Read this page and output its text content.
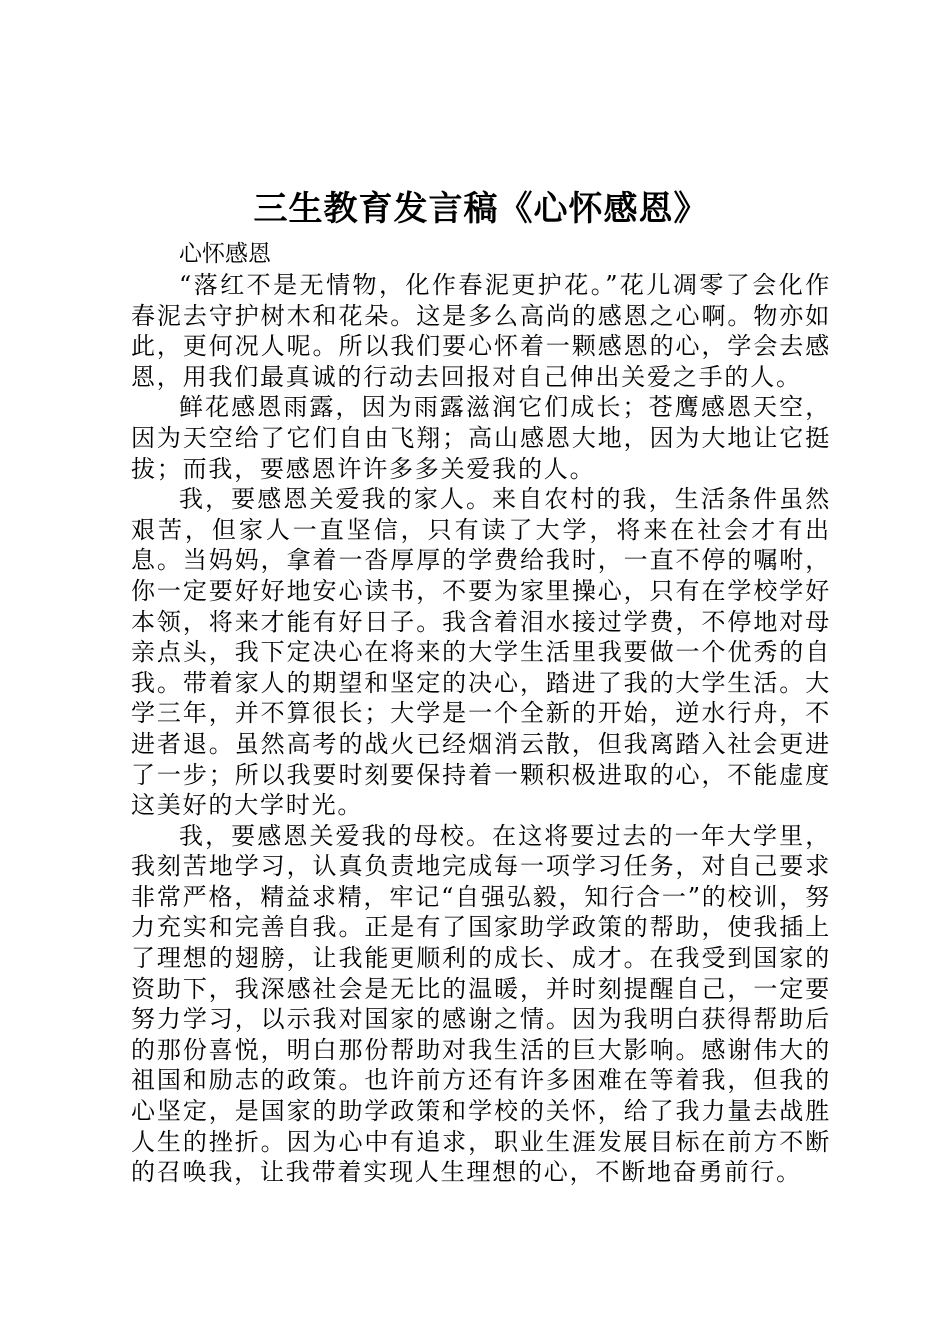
三生教育发言稿《心怀感恩》

心怀感恩

“落红不是无情物，化作春泥更护花。”花儿凋零了会化作春泥去守护树木和花朵。这是多么高尚的感恩之心啊。物亦如此，更何况人呢。所以我们要心怀着一颗感恩的心，学会去感恩，用我们最真诚的行动去回报对自己伸出关爱之手的人。

鲜花感恩雨露，因为雨露滋润它们成长；苍鹰感恩天空，因为天空给了它们自由飞翔；高山感恩大地，因为大地让它挺拔；而我，要感恩许许多多关爱我的人。

我，要感恩关爱我的家人。来自农村的我，生活条件虽然艰苦，但家人一直坚信，只有读了大学，将来在社会才有出息。当妈妈，拿着一沓厚厚的学费给我时，一直不停的嘱咐，你一定要好好地安心读书，不要为家里操心，只有在学校学好本领，将来才能有好日子。我含着泪水接过学费，不停地对母亲点头，我下定决心在将来的大学生活里我要做一个优秀的自我。带着家人的期望和坚定的决心，踏进了我的大学生活。大学三年，并不算很长；大学是一个全新的开始，逆水行舟，不进者退。虽然高考的战火已经烟消云散，但我离踏入社会更进了一步；所以我要时刻要保持着一颗积极进取的心，不能虚度这美好的大学时光。

我，要感恩关爱我的母校。在这将要过去的一年大学里，我刻苦地学习，认真负责地完成每一项学习任务，对自己要求非常严格，精益求精，牢记“自强弘毅，知行合一”的校训，努力充实和完善自我。正是有了国家助学政策的帮助，使我插上了理想的翅膀，让我能更顺利的成长、成才。在我受到国家的资助下，我深感社会是无比的温暖，并时刻提醒自己，一定要努力学习，以示我对国家的感谢之情。因为我明白获得帮助后的那份喜悦，明白那份帮助对我生活的巨大影响。感谢伟大的祖国和励志的政策。也许前方还有许多困难在等着我，但我的心坚定，是国家的助学政策和学校的关怀，给了我力量去战胜人生的挫折。因为心中有追求，职业生涯发展目标在前方不断的召唤我，让我带着实现人生理想的心，不断地奋勇前行。
